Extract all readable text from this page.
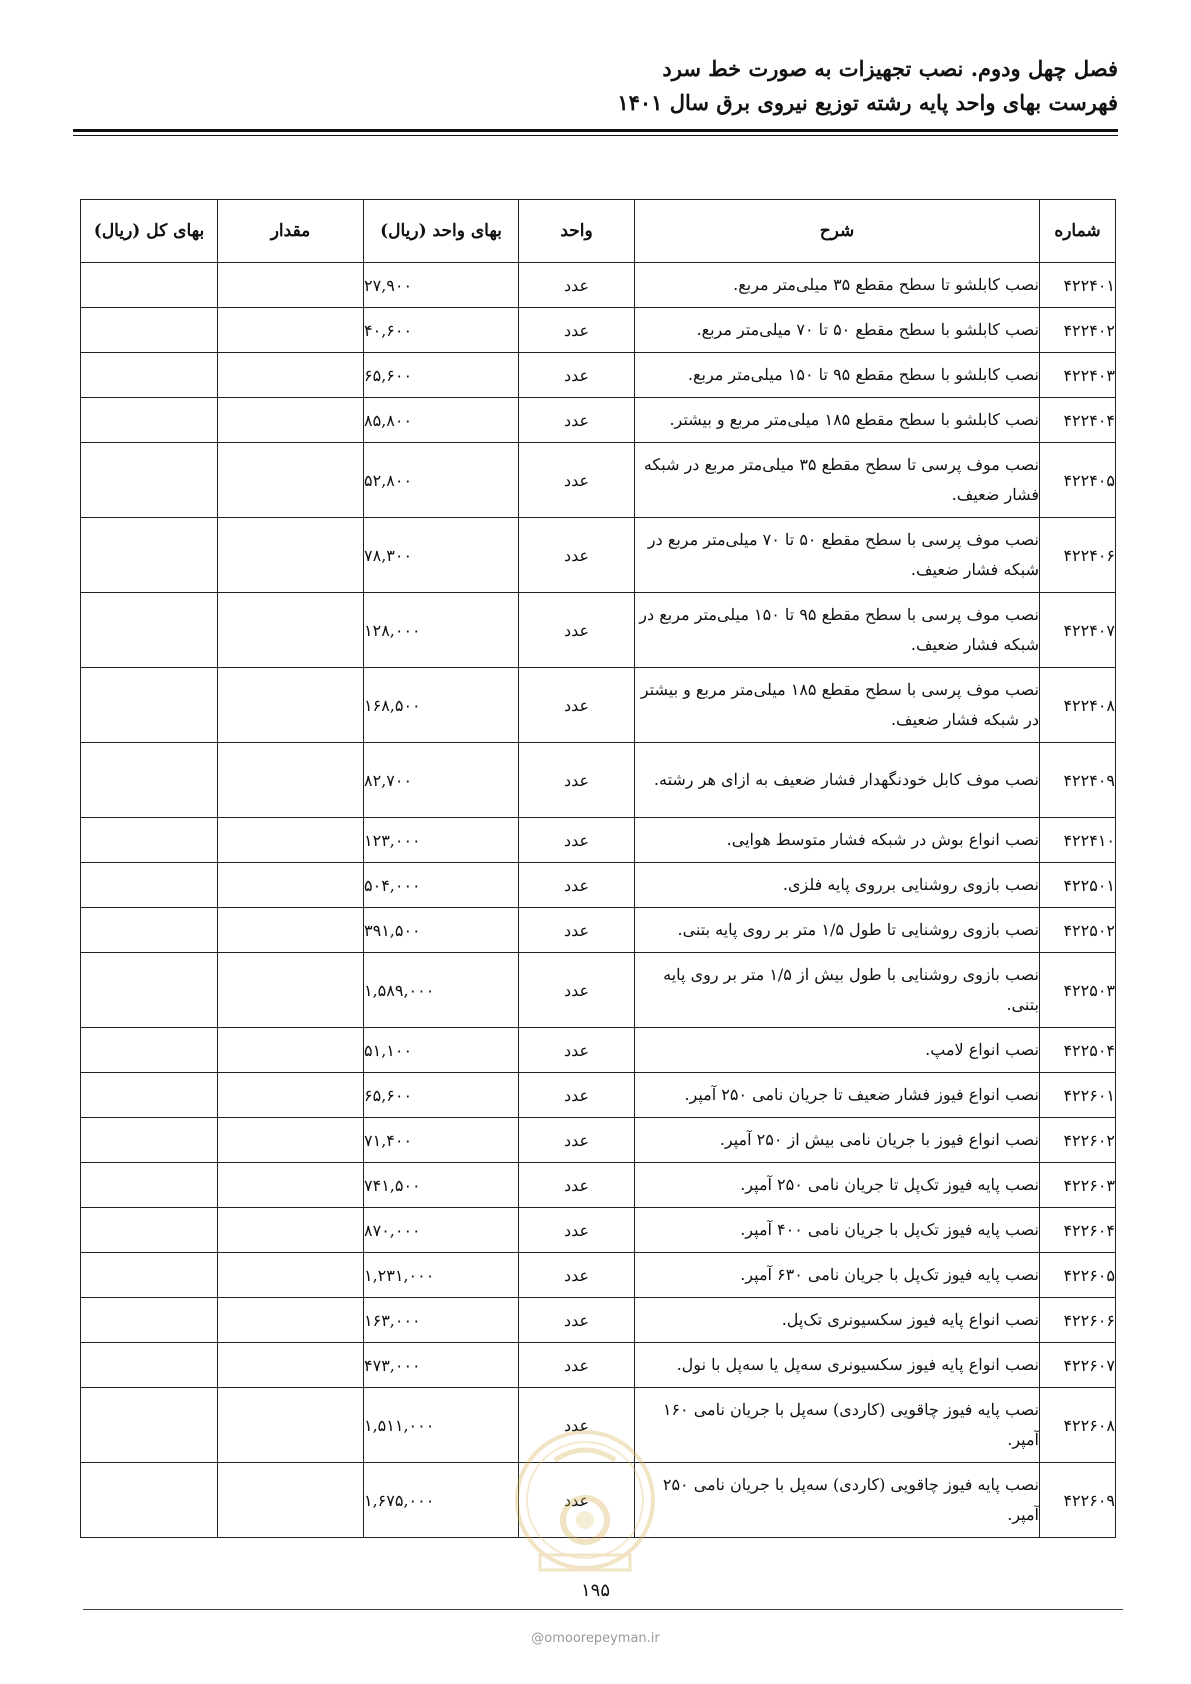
فصل چهل ودوم. نصب تجهیزات به صورت خط سرد
فهرست بهای واحد پایه رشته توزیع نیروی برق سال ۱۴۰۱
شماره	شرح	واحد	بهای واحد (ریال)	مقدار	بهای کل (ریال)
۴۲۲۴۰۱	نصب کابلشو تا سطح مقطع ۳۵ میلی‌متر مربع.	عدد	۲۷,۹۰۰		
۴۲۲۴۰۲	نصب کابلشو با سطح مقطع ۵۰ تا ۷۰ میلی‌متر مربع.	عدد	۴۰,۶۰۰		
۴۲۲۴۰۳	نصب کابلشو با سطح مقطع ۹۵ تا ۱۵۰ میلی‌متر مربع.	عدد	۶۵,۶۰۰		
۴۲۲۴۰۴	نصب کابلشو با سطح مقطع ۱۸۵ میلی‌متر مربع و بیشتر.	عدد	۸۵,۸۰۰		
۴۲۲۴۰۵	نصب موف پرسی تا سطح مقطع ۳۵ میلی‌متر مربع در شبکه فشار ضعیف.	عدد	۵۲,۸۰۰		
۴۲۲۴۰۶	نصب موف پرسی با سطح مقطع ۵۰ تا ۷۰ میلی‌متر مربع در شبکه فشار ضعیف.	عدد	۷۸,۳۰۰		
۴۲۲۴۰۷	نصب موف پرسی با سطح مقطع ۹۵ تا ۱۵۰ میلی‌متر مربع در شبکه فشار ضعیف.	عدد	۱۲۸,۰۰۰		
۴۲۲۴۰۸	نصب موف پرسی با سطح مقطع ۱۸۵ میلی‌متر مربع و بیشتر در شبکه فشار ضعیف.	عدد	۱۶۸,۵۰۰		
۴۲۲۴۰۹	نصب موف کابل خودنگهدار فشار ضعیف به ازای هر رشته.	عدد	۸۲,۷۰۰		
۴۲۲۴۱۰	نصب انواع بوش در شبکه فشار متوسط هوایی.	عدد	۱۲۳,۰۰۰		
۴۲۲۵۰۱	نصب بازوی روشنایی برروی پایه فلزی.	عدد	۵۰۴,۰۰۰		
۴۲۲۵۰۲	نصب بازوی روشنایی تا طول ۱/۵ متر بر روی پایه بتنی.	عدد	۳۹۱,۵۰۰		
۴۲۲۵۰۳	نصب بازوی روشنایی با طول بیش از ۱/۵ متر بر روی پایه بتنی.	عدد	۱,۵۸۹,۰۰۰		
۴۲۲۵۰۴	نصب انواع لامپ.	عدد	۵۱,۱۰۰		
۴۲۲۶۰۱	نصب انواع فیوز فشار ضعیف تا جریان نامی ۲۵۰ آمپر.	عدد	۶۵,۶۰۰		
۴۲۲۶۰۲	نصب انواع فیوز با جریان نامی بیش از ۲۵۰ آمپر.	عدد	۷۱,۴۰۰		
۴۲۲۶۰۳	نصب پایه فیوز تک‌پل تا جریان نامی ۲۵۰ آمپر.	عدد	۷۴۱,۵۰۰		
۴۲۲۶۰۴	نصب پایه فیوز تک‌پل با جریان نامی ۴۰۰ آمپر.	عدد	۸۷۰,۰۰۰		
۴۲۲۶۰۵	نصب پایه فیوز تک‌پل با جریان نامی ۶۳۰ آمپر.	عدد	۱,۲۳۱,۰۰۰		
۴۲۲۶۰۶	نصب انواع پایه فیوز سکسیونری تک‌پل.	عدد	۱۶۳,۰۰۰		
۴۲۲۶۰۷	نصب انواع پایه فیوز سکسیونری سه‌پل یا سه‌پل با نول.	عدد	۴۷۳,۰۰۰		
۴۲۲۶۰۸	نصب پایه فیوز چاقویی (کاردی) سه‌پل با جریان نامی ۱۶۰ آمپر.	عدد	۱,۵۱۱,۰۰۰		
۴۲۲۶۰۹	نصب پایه فیوز چاقویی (کاردی) سه‌پل با جریان نامی ۲۵۰ آمپر.	عدد	۱,۶۷۵,۰۰۰		
۱۹۵
@omoorepeyman.ir
